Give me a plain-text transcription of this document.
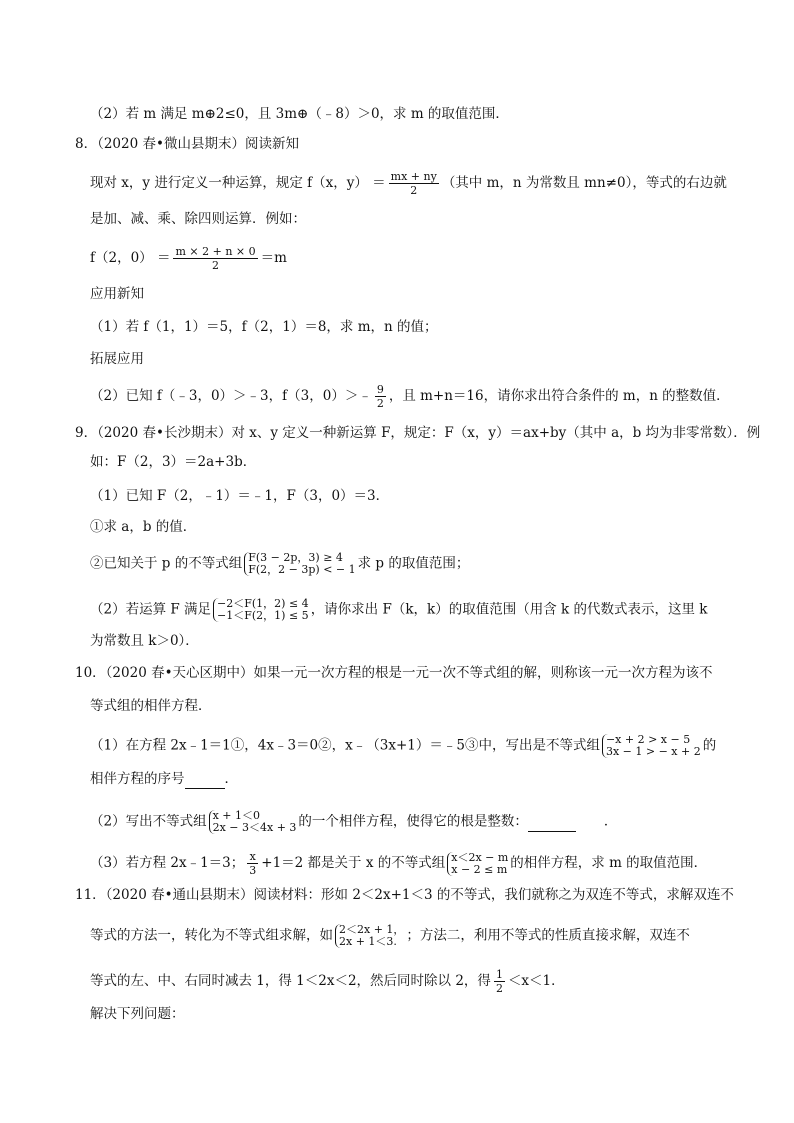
（2）若 m 满足 m⊕2≤0，且 3m⊕（﹣8）＞0，求 m 的取值范围．
8．（2020 春•微山县期末）阅读新知
现对 x，y 进行定义一种运算，规定 f（x，$y) = \frac{mx + ny}{2}$ （其中 m，n 为常数且 mn≠0），等式的右边就
是加、减、乘、除四则运算．例如：
f（2，$0) = \frac{m \times 2 + n \times 0}{2} =m$
应用新知
（1）若 f（1，1）＝5，f（2，1）＝8，求 m，n 的值；
拓展应用
（2）已知 f（﹣3，0）＞﹣3，f（3，0）＞﹣ $\frac{9}{2}$ ，且 m+n＝16，请你求出符合条件的 m，n 的整数值．
9．（2020 春•长沙期末）对 x、y 定义一种新运算 F，规定：F（x，y）＝ax+by（其中 a，b 均为非零常数）．例
如：F（2，3）＝2a+3b．
（1）已知 F（2，﹣1）＝﹣1，F（3，0）＝3．
①求 a，b 的值．
②已知关于 p 的不等式组 F(3 − 2p，3) ≥ 4
F(2，2 − 3p) < − 1 求 p 的取值范围；
（2）若运算 F 满足 −2＜F(1，2) ≤ 4
−1＜F(2，1) ≤ 5 ，请你求出 F（k，k）的取值范围（用含 k 的代数式表示，这里 k
为常数且 k＞0）．
10．（2020 春•天心区期中）如果一元一次方程的根是一元一次不等式组的解，则称该一元一次方程为该不
等式组的相伴方程．
（1）在方程 2x﹣1＝1①，4x﹣3＝0②，x﹣（3x+1）＝﹣5③中，写出是不等式组 −x + 2 > x − 5
3x − 1 > − x + 2 的
相伴方程的序号	．
（2）写出不等式组 x + 1＜0
2x − 3＜4x + 3 的一个相伴方程，使得它的根是整数：	．
（3）若方程 2x﹣1＝3； $\frac{x}{3} +1=2$ 都是关于 x 的不等式组 x＜2x − m
x − 2 ≤ m 的相伴方程，求 m 的取值范围．
11．（2020 春•通山县期末）阅读材料：形如 2＜2x+1＜3 的不等式，我们就称之为双连不等式，求解双连不
等式的方法一，转化为不等式组求解，如 2＜2x + 1，
2x + 1＜3. ；方法二，利用不等式的性质直接求解，双连不
等式的左、中、右同时减去 1，得 1＜2x＜2，然后同时除以 2，得 $\frac{1}{2} <x<1$．
解决下列问题：
